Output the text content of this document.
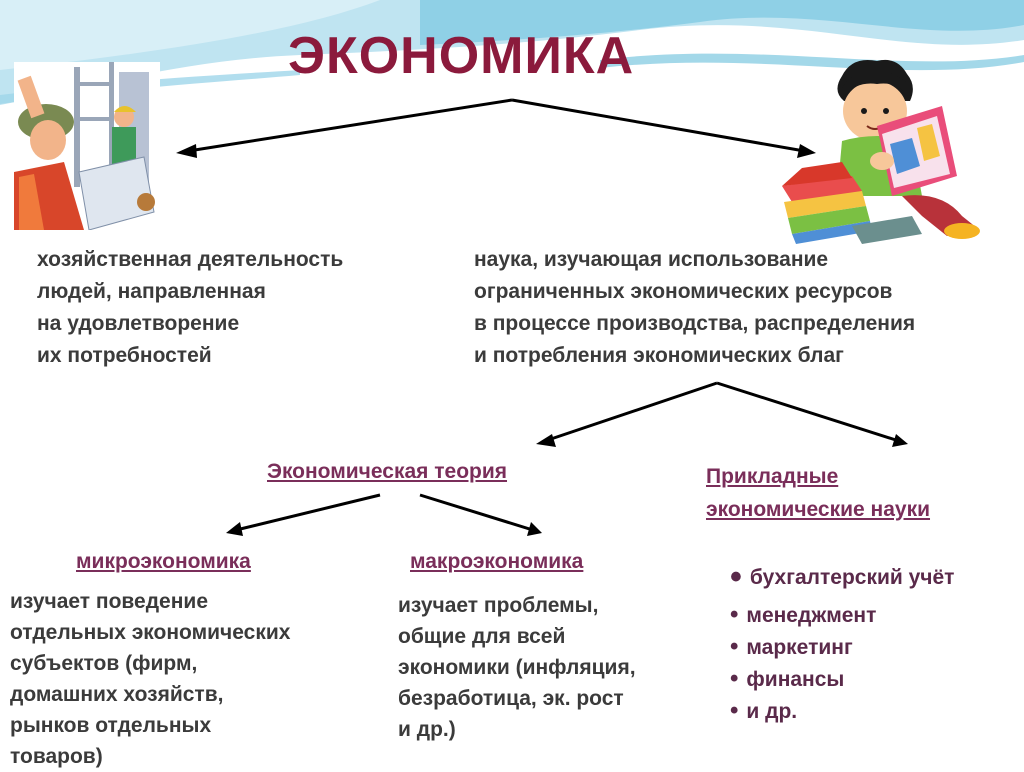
ЭКОНОМИКА
хозяйственная деятельность
людей, направленная
на удовлетворение
их потребностей
наука, изучающая использование
ограниченных экономических ресурсов
в процессе производства, распределения
и потребления экономических благ
Экономическая теория	Прикладные
экономические науки
микроэкономика
изучает поведение
отдельных экономических
субъектов (фирм,
домашних хозяйств,
рынков отдельных
товаров)
макроэкономика
изучает проблемы,
общие для всей
экономики (инфляция,
безработица, эк. рост
и др.)
• бухгалтерский учёт
• менеджмент
• маркетинг
• финансы
• и др.
